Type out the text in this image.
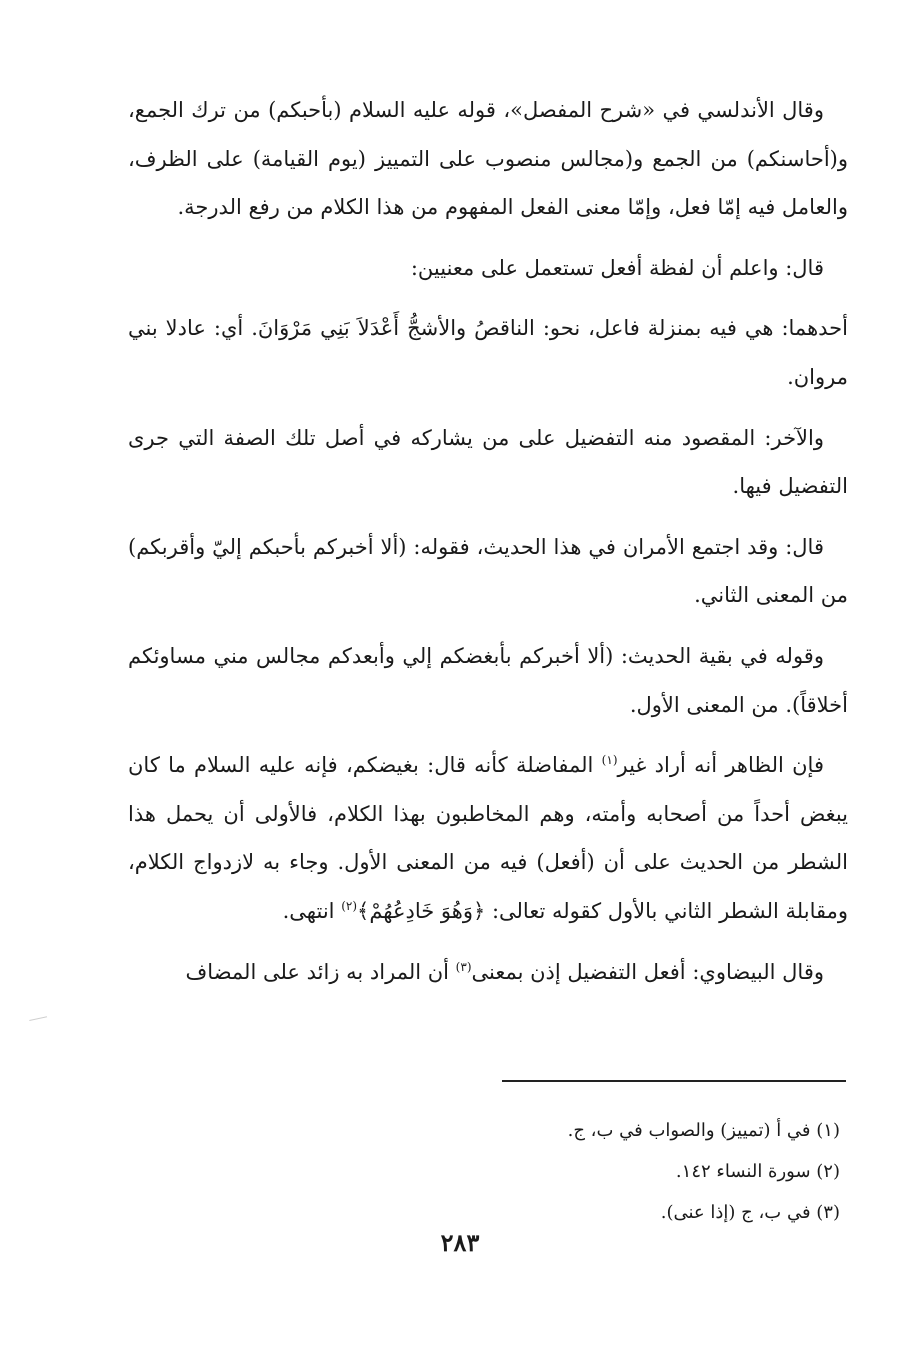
وقال الأندلسي في «شرح المفصل»، قوله عليه السلام (بأحبكم) من ترك الجمع، و(أحاسنكم) من الجمع و(مجالس منصوب على التمييز (يوم القيامة) على الظرف، والعامل فيه إمّا فعل، وإمّا معنى الفعل المفهوم من هذا الكلام من رفع الدرجة.

قال: واعلم أن لفظة أفعل تستعمل على معنيين:

أحدهما: هي فيه بمنزلة فاعل، نحو: الناقصُ والأشجُّ أَعْدَلاَ بَنِي مَرْوَانَ. أي: عادلا بني مروان.

والآخر: المقصود منه التفضيل على من يشاركه في أصل تلك الصفة التي جرى التفضيل فيها.

قال: وقد اجتمع الأمران في هذا الحديث، فقوله: (ألا أخبركم بأحبكم إليّ وأقربكم) من المعنى الثاني.

وقوله في بقية الحديث: (ألا أخبركم بأبغضكم إلي وأبعدكم مجالس مني مساوئكم أخلاقاً). من المعنى الأول.

فإن الظاهر أنه أراد غير$^{(١)}$ المفاضلة كأنه قال: بغيضكم، فإنه عليه السلام ما كان يبغض أحداً من أصحابه وأمته، وهم المخاطبون بهذا الكلام، فالأولى أن يحمل هذا الشطر من الحديث على أن (أفعل) فيه من المعنى الأول. وجاء به لازدواج الكلام، ومقابلة الشطر الثاني بالأول كقوله تعالى: ﴿وَهُوَ خَادِعُهُمْ﴾$^{(٢)}$ انتهى.

وقال البيضاوي: أفعل التفضيل إذن بمعنى$^{(٣)}$ أن المراد به زائد على المضاف

(١) في أ (تمييز) والصواب في ب، ج.
(٢) سورة النساء ١٤٢.
(٣) في ب، ج (إذا عنى).
٢٨٣
